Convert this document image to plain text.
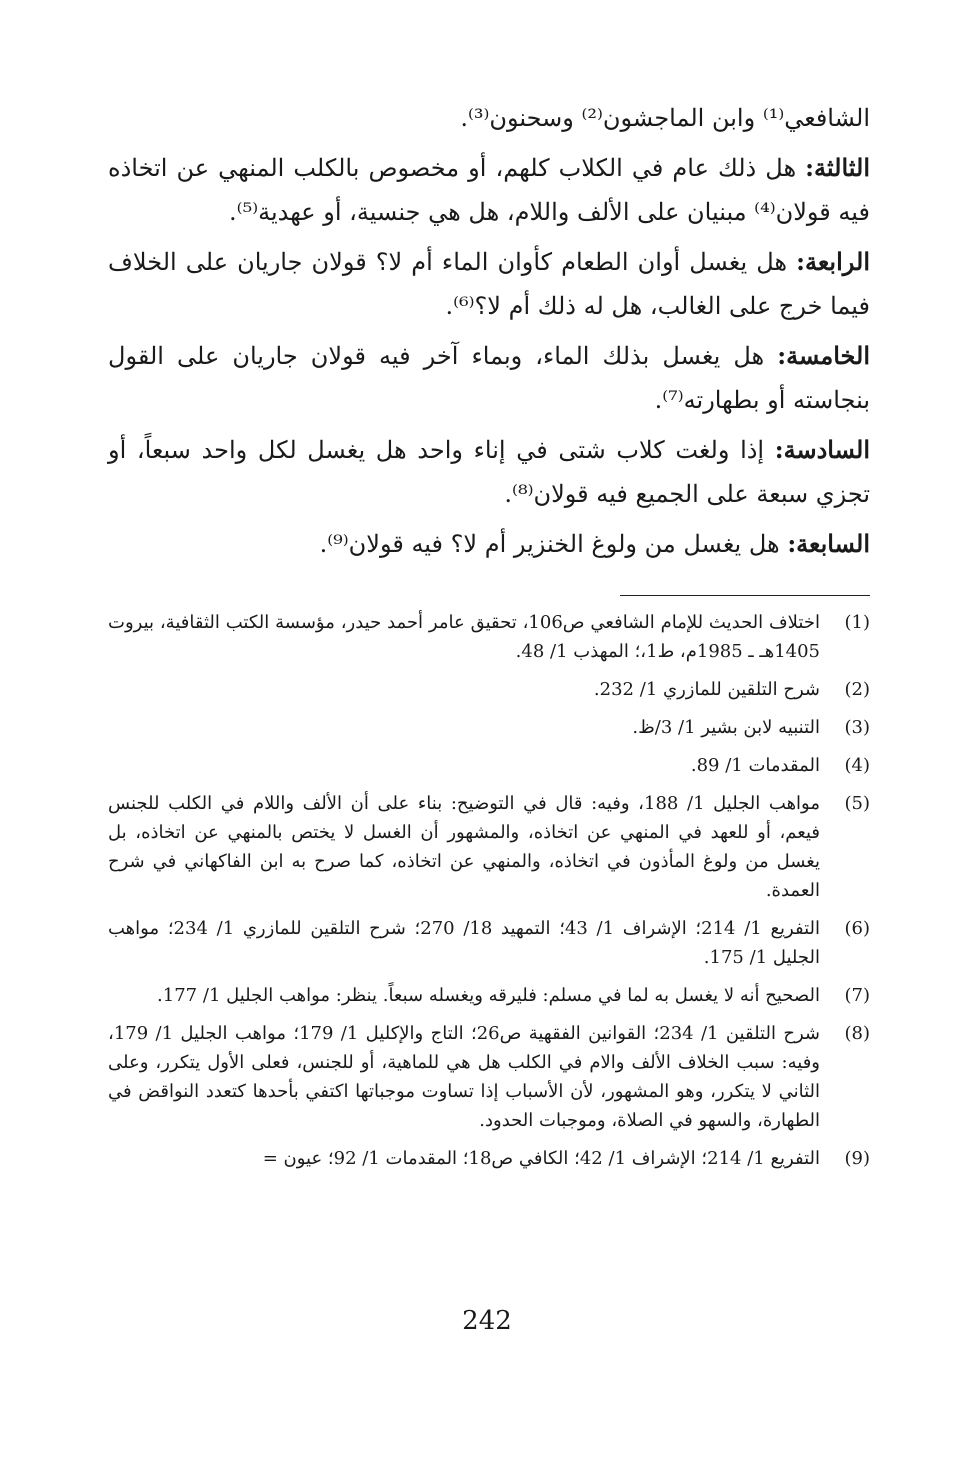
الشافعي⁽¹⁾ وابن الماجشون⁽²⁾ وسحنون⁽³⁾.

الثالثة: هل ذلك عام في الكلاب كلهم، أو مخصوص بالكلب المنهي عن اتخاذه فيه قولان⁽⁴⁾ مبنيان على الألف واللام، هل هي جنسية، أو عهدية⁽⁵⁾.

الرابعة: هل يغسل أوان الطعام كأوان الماء أم لا؟ قولان جاريان على الخلاف فيما خرج على الغالب، هل له ذلك أم لا؟⁽⁶⁾.

الخامسة: هل يغسل بذلك الماء، وبماء آخر فيه قولان جاريان على القول بنجاسته أو بطهارته⁽⁷⁾.

السادسة: إذا ولغت كلاب شتى في إناء واحد هل يغسل لكل واحد سبعاً، أو تجزي سبعة على الجميع فيه قولان⁽⁸⁾.

السابعة: هل يغسل من ولوغ الخنزير أم لا؟ فيه قولان⁽⁹⁾.

(1)
اختلاف الحديث للإمام الشافعي ص106، تحقيق عامر أحمد حيدر، مؤسسة الكتب الثقافية، بيروت 1405هـ ـ 1985م، ط1،؛ المهذب 1/ 48.
(2)
شرح التلقين للمازري 1/ 232.
(3)
التنبيه لابن بشير 1/ 3/ظ.
(4)
المقدمات 1/ 89.
(5)
مواهب الجليل 1/ 188، وفيه: قال في التوضيح: بناء على أن الألف واللام في الكلب للجنس فيعم، أو للعهد في المنهي عن اتخاذه، والمشهور أن الغسل لا يختص بالمنهي عن اتخاذه، بل يغسل من ولوغ المأذون في اتخاذه، والمنهي عن اتخاذه، كما صرح به ابن الفاكهاني في شرح العمدة.
(6)
التفريع 1/ 214؛ الإشراف 1/ 43؛ التمهيد 18/ 270؛ شرح التلقين للمازري 1/ 234؛ مواهب الجليل 1/ 175.
(7)
الصحيح أنه لا يغسل به لما في مسلم: فليرقه ويغسله سبعاً. ينظر: مواهب الجليل 1/ 177.
(8)
شرح التلقين 1/ 234؛ القوانين الفقهية ص26؛ التاج والإكليل 1/ 179؛ مواهب الجليل 1/ 179، وفيه: سبب الخلاف الألف والام في الكلب هل هي للماهية، أو للجنس، فعلى الأول يتكرر، وعلى الثاني لا يتكرر، وهو المشهور، لأن الأسباب إذا تساوت موجباتها اكتفي بأحدها كتعدد النواقض في الطهارة، والسهو في الصلاة، وموجبات الحدود.
(9)
التفريع 1/ 214؛ الإشراف 1/ 42؛ الكافي ص18؛ المقدمات 1/ 92؛ عيون =
242
